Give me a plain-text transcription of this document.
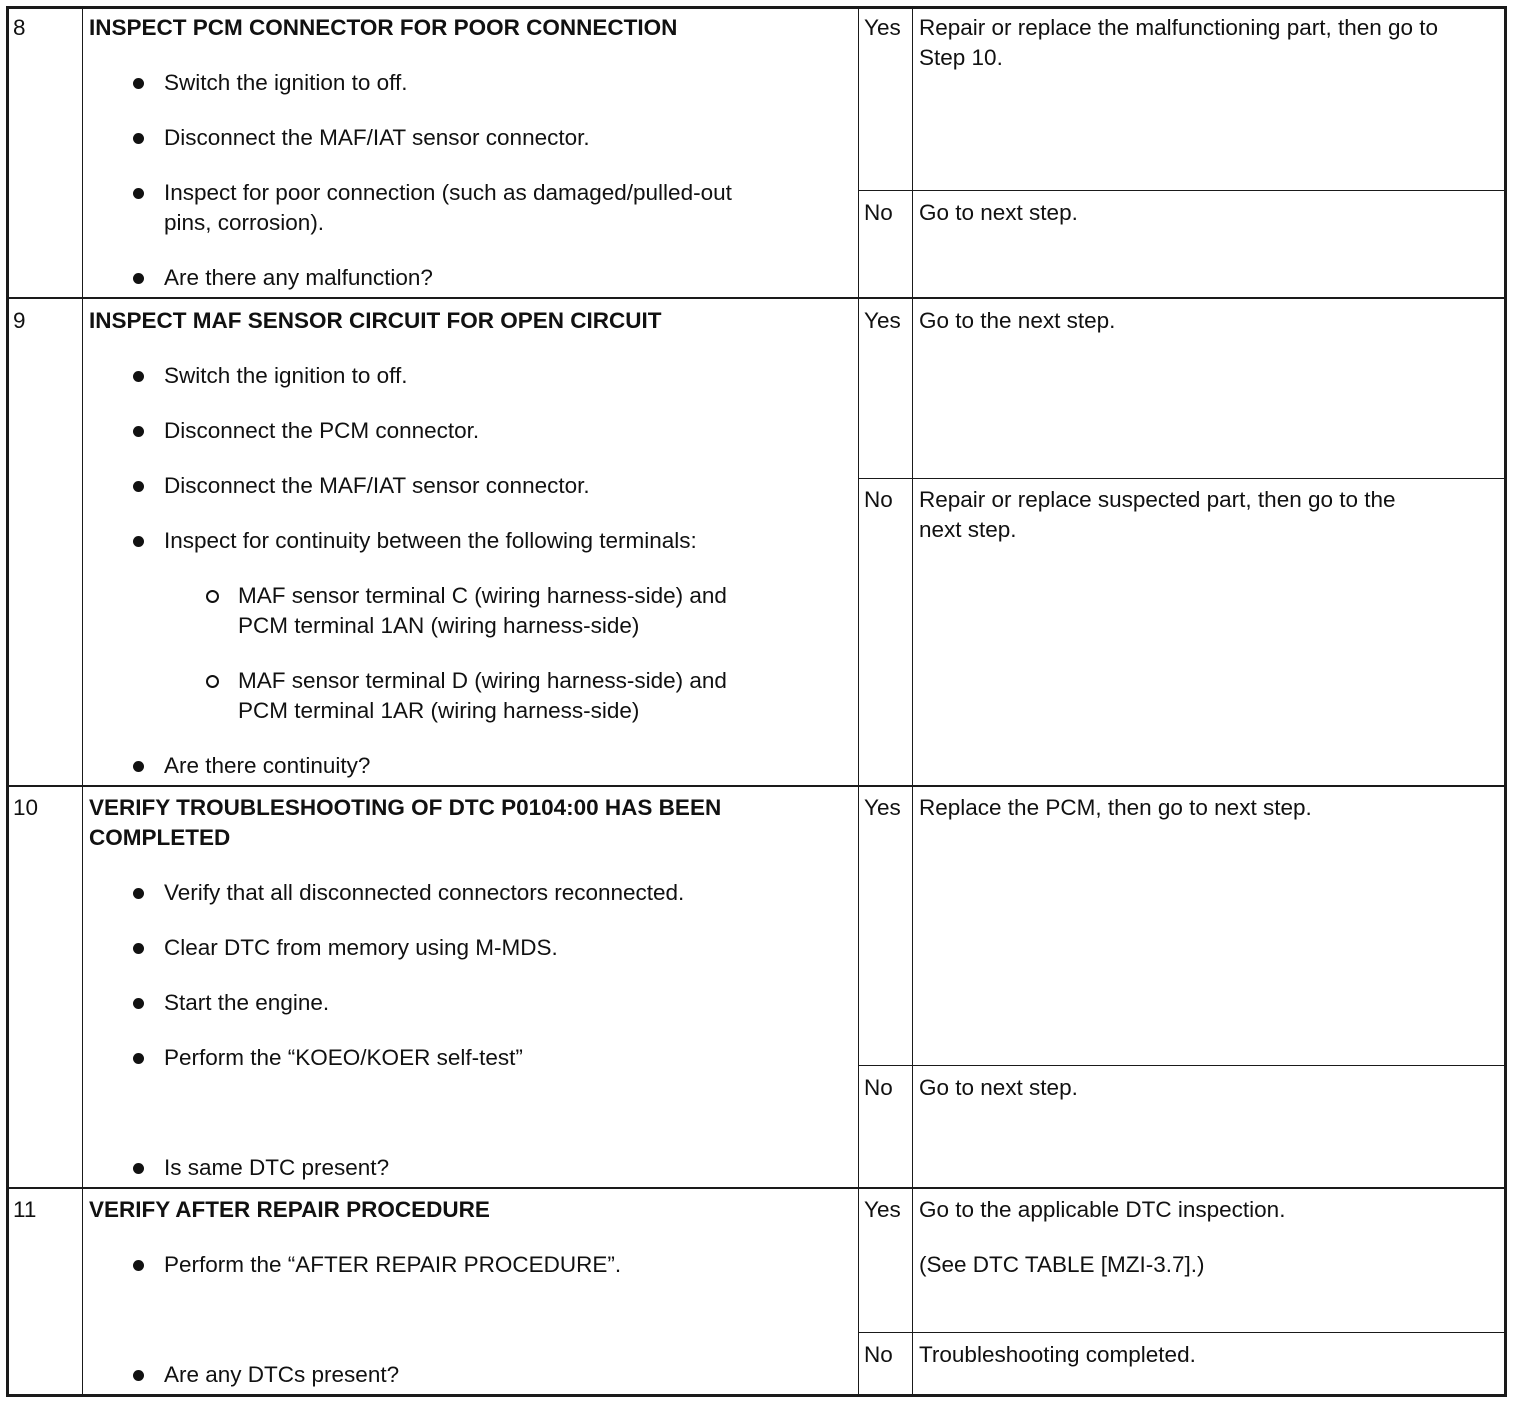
8	INSPECT PCM CONNECTOR FOR POOR CONNECTION
Switch the ignition to off.
Disconnect the MAF/IAT sensor connector.
Inspect for poor connection (such as damaged/pulled-out
pins, corrosion).
Are there any malfunction?
Yes Repair or replace the malfunctioning part, then go to
Step 10.
No Go to next step.
9	INSPECT MAF SENSOR CIRCUIT FOR OPEN CIRCUIT
Switch the ignition to off.
Disconnect the PCM connector.
Disconnect the MAF/IAT sensor connector.
Inspect for continuity between the following terminals:
MAF sensor terminal C (wiring harness-side) and
PCM terminal 1AN (wiring harness-side)
MAF sensor terminal D (wiring harness-side) and
PCM terminal 1AR (wiring harness-side)
Are there continuity?
Yes Go to the next step.
No Repair or replace suspected part, then go to the
next step.
10 VERIFY TROUBLESHOOTING OF DTC P0104:00 HAS BEEN
COMPLETED
Verify that all disconnected connectors reconnected.
Clear DTC from memory using M-MDS.
Start the engine.
Perform the “KOEO/KOER self-test”
Is same DTC present?
Yes Replace the PCM, then go to next step.
No Go to next step.
11 VERIFY AFTER REPAIR PROCEDURE
Perform the “AFTER REPAIR PROCEDURE”.
Are any DTCs present?
Yes Go to the applicable DTC inspection.
(See DTC TABLE [MZI-3.7].)
No Troubleshooting completed.
